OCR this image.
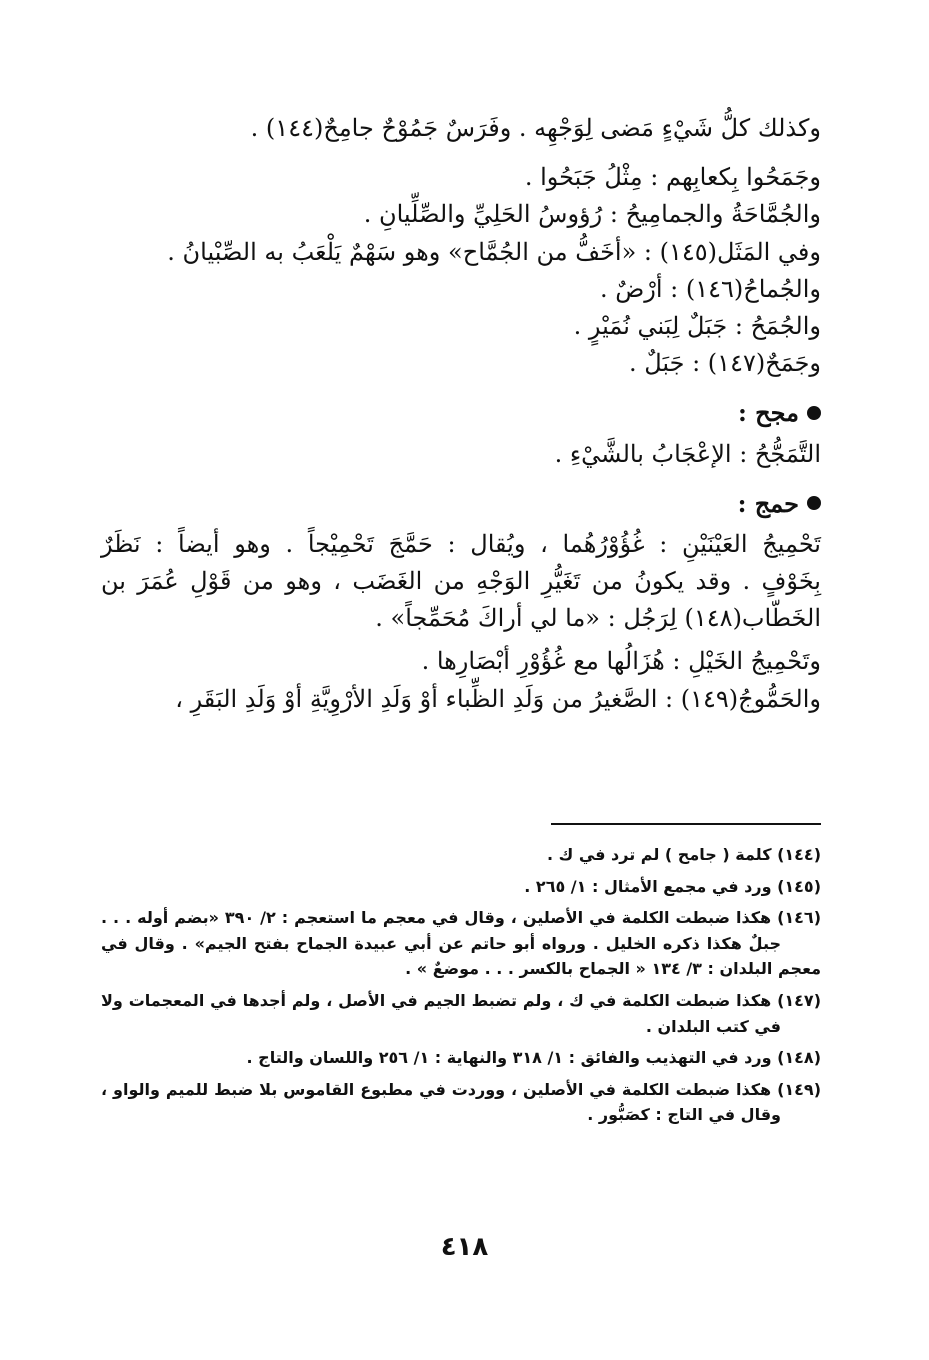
وكذلك كلُّ شَيْءٍ مَضى لِوَجْهِه . وفَرَسٌ جَمُوْحٌ جامِحٌ(١٤٤) .

وجَمَحُوا بِكعابِهم : مِثْلُ جَبَحُوا .

والجُمَّاحَةُ والجمامِيحُ : رُؤوسُ الحَلِيِّ والصِّلِّيانِ .

وفي المَثَل(١٤٥) : «أخَفُّ من الجُمَّاح» وهو سَهْمٌ يَلْعَبُ به الصِّبْيانُ .

والجُماحُ(١٤٦) : أرْضٌ .

والجُمَحُ : جَبَلٌ لِبَني نُمَيْرٍ .

وجَمَحٌ(١٤٧) : جَبَلٌ .

مجح :

التَّمَجُّحُ : الإعْجَابُ بالشَّيْءِ .

حمج :

تَحْمِيجُ العَيْنَيْنِ : غُؤُوْرُهُما ، ويُقال : حَمَّجَ تَحْمِيْجاً . وهو أيضاً : نَظَرٌ

بِخَوْفٍ . وقد يكونُ من تَغَيُّرِ الوَجْهِ من الغَضَب ، وهو من قَوْلِ عُمَرَ بن

الخَطّاب(١٤٨) لِرَجُل : «ما لي أراكَ مُحَمِّجاً» .

وتَحْمِيجُ الخَيْلِ : هُزَالُها مع غُؤُوْرِ أبْصَارِها .

والحَمُّوجُ(١٤٩) : الصَّغيرُ من وَلَدِ الظِّباء أوْ وَلَدِ الأرْوِيَّةِ أوْ وَلَدِ البَقَرِ ،

(١٤٤) كلمة ( جامح ) لم ترد في ك .
(١٤٥) ورد في مجمع الأمثال : ١/ ٢٦٥ .
(١٤٦) هكذا ضبطت الكلمة في الأصلين ، وقال في معجم ما استعجم : ٢/ ٣٩٠ «بضم أوله . . .
جبلٌ هكذا ذكره الخليل . ورواه أبو حاتم عن أبي عبيدة الجماح بفتح الجيم» . وقال في
معجم البلدان : ٣/ ١٣٤ « الجماح بالكسر . . . موضعٌ » .
(١٤٧) هكذا ضبطت الكلمة في ك ، ولم تضبط الجيم في الأصل ، ولم أجدها في المعجمات ولا
في كتب البلدان .
(١٤٨) ورد في التهذيب والفائق : ١/ ٣١٨ والنهاية : ١/ ٢٥٦ واللسان والتاج .
(١٤٩) هكذا ضبطت الكلمة في الأصلين ، ووردت في مطبوع القاموس بلا ضبط للميم والواو ،
وقال في التاج : كصَبُّور .
٤١٨
